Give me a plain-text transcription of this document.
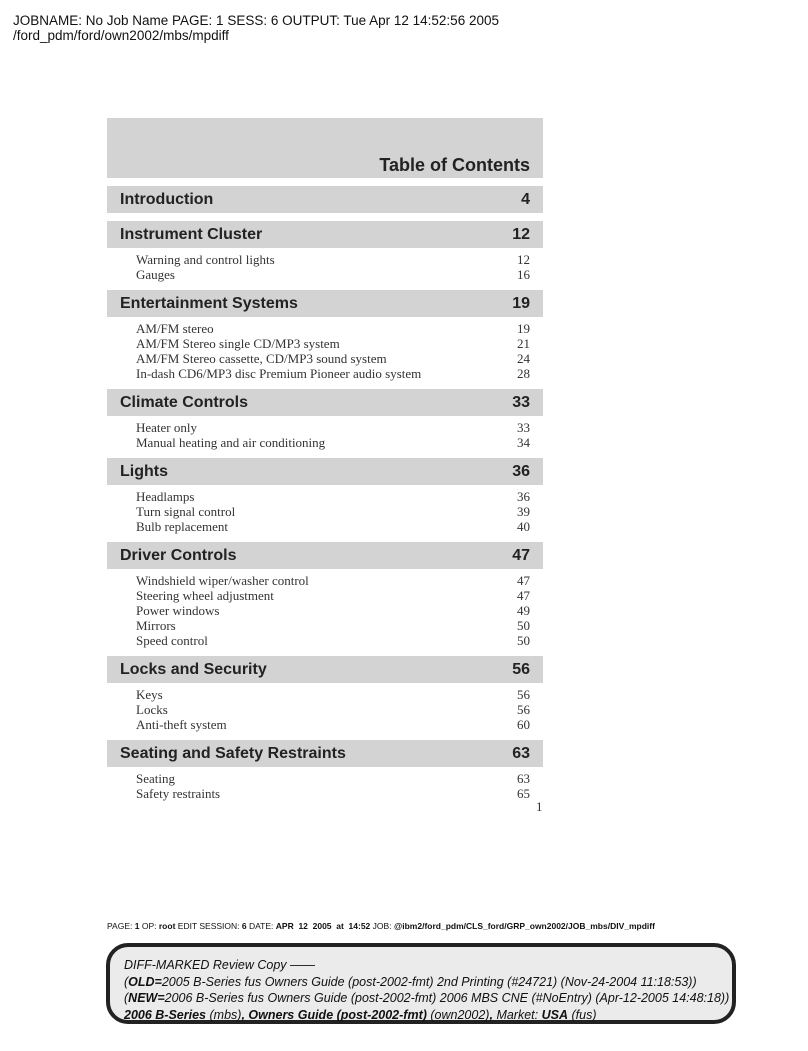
JOBNAME: No Job Name PAGE: 1 SESS: 6 OUTPUT: Tue Apr 12 14:52:56 2005
/ford_pdm/ford/own2002/mbs/mpdiff
Table of Contents
Introduction	4
Instrument Cluster	12
Warning and control lights	12
Gauges	16
Entertainment Systems	19
AM/FM stereo	19
AM/FM Stereo single CD/MP3 system	21
AM/FM Stereo cassette, CD/MP3 sound system	24
In-dash CD6/MP3 disc Premium Pioneer audio system	28
Climate Controls	33
Heater only	33
Manual heating and air conditioning	34
Lights	36
Headlamps	36
Turn signal control	39
Bulb replacement	40
Driver Controls	47
Windshield wiper/washer control	47
Steering wheel adjustment	47
Power windows	49
Mirrors	50
Speed control	50
Locks and Security	56
Keys	56
Locks	56
Anti-theft system	60
Seating and Safety Restraints	63
Seating	63
Safety restraints	65
1
PAGE: 1 OP: root EDIT SESSION: 6 DATE: APR  12  2005  at  14:52 JOB: @ibm2/ford_pdm/CLS_ford/GRP_own2002/JOB_mbs/DIV_mpdiff
DIFF-MARKED Review Copy ——
(OLD=2005 B-Series fus Owners Guide (post-2002-fmt) 2nd Printing (#24721) (Nov-24-2004 11:18:53))
(NEW=2006 B-Series fus Owners Guide (post-2002-fmt) 2006 MBS CNE (#NoEntry) (Apr-12-2005 14:48:18))
2006 B-Series (mbs), Owners Guide (post-2002-fmt) (own2002), Market: USA (fus)
